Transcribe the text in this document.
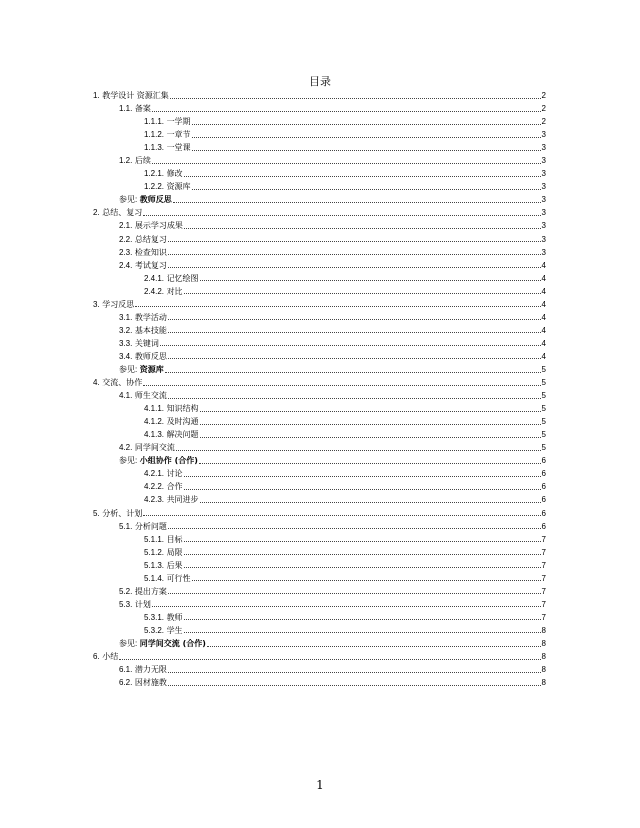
目录
1. 教学设计 资源汇集	2
1.1. 备案	2
1.1.1. 一学期	2
1.1.2. 一章节	3
1.1.3. 一堂课	3
1.2. 后续	3
1.2.1. 修改	3
1.2.2. 资源库	3
参见: 教师反思	3
2. 总结、复习	3
2.1. 展示学习成果	3
2.2. 总结复习	3
2.3. 检查知识	3
2.4. 考试复习	4
2.4.1. 记忆绘图	4
2.4.2. 对比	4
3. 学习反思	4
3.1. 教学活动	4
3.2. 基本技能	4
3.3. 关键词	4
3.4. 教师反思	4
参见: 资源库	5
4. 交流、协作	5
4.1. 师生交流	5
4.1.1. 知识结构	5
4.1.2. 及时沟通	5
4.1.3. 解决问题	5
4.2. 同学间交流	5
参见: 小组协作 (合作)	6
4.2.1. 讨论	6
4.2.2. 合作	6
4.2.3. 共同进步	6
5. 分析、计划	6
5.1. 分析问题	6
5.1.1. 目标	7
5.1.2. 局限	7
5.1.3. 后果	7
5.1.4. 可行性	7
5.2. 提出方案	7
5.3. 计划	7
5.3.1. 教师	7
5.3.2. 学生	8
参见: 同学间交流 (合作)	8
6. 小结	8
6.1. 潜力无限	8
6.2. 因材施教	8
1
